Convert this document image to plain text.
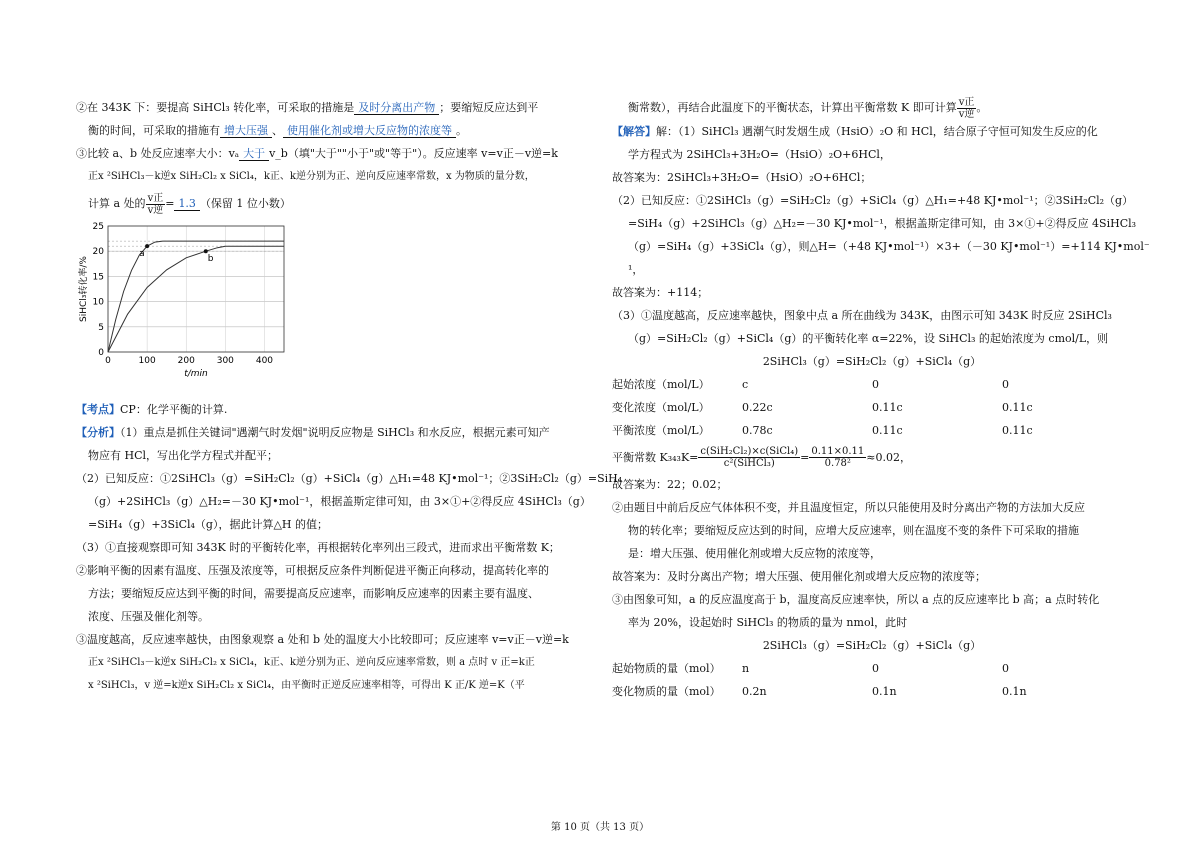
②在 343K 下：要提高 SiHCl₃ 转化率，可采取的措施是 及时分离出产物 ；要缩短反应达到平
衡的时间，可采取的措施有 增大压强 、 使用催化剂或增大反应物的浓度等 。
③比较 a、b 处反应速率大小：vₐ 大于 v_b（填"大于""小于"或"等于"）。反应速率 v=v正－v逆=k
正x ²SiHCl₃－k逆x SiH₂Cl₂ x SiCl₄，k正、k逆分别为正、逆向反应速率常数，x 为物质的量分数，
计算 a 处的 $\frac{\text{v正}}{\text{v逆}} = 1.3$ （保留 1 位小数）
0
5
10
15
20
25
0	100 200 300 400
t/min
SiHCl₃转化率/%
a
b
【考点】CP：化学平衡的计算.
【分析】（1）重点是抓住关键词"遇潮气时发烟"说明反应物是 SiHCl₃ 和水反应，根据元素可知产
物应有 HCl，写出化学方程式并配平；
（2）已知反应：①2SiHCl₃（g）=SiH₂Cl₂（g）+SiCl₄（g）△H₁=48 KJ•mol⁻¹；②3SiH₂Cl₂（g）=SiH₄
（g）+2SiHCl₃（g）△H₂=－30 KJ•mol⁻¹，根据盖斯定律可知，由 3×①+②得反应 4SiHCl₃（g）
=SiH₄（g）+3SiCl₄（g），据此计算△H 的值；
（3）①直接观察即可知 343K 时的平衡转化率，再根据转化率列出三段式，进而求出平衡常数 K；
②影响平衡的因素有温度、压强及浓度等，可根据反应条件判断促进平衡正向移动，提高转化率的
方法；要缩短反应达到平衡的时间，需要提高反应速率，而影响反应速率的因素主要有温度、
浓度、压强及催化剂等。
③温度越高，反应速率越快，由图象观察 a 处和 b 处的温度大小比较即可；反应速率 v=v正－v逆=k
正x ²SiHCl₃－k逆x SiH₂Cl₂ x SiCl₄，k正、k逆分别为正、逆向反应速率常数，则 a 点时 v 正=k正
x ²SiHCl₃，v 逆=k逆x SiH₂Cl₂ x SiCl₄，由平衡时正逆反应速率相等，可得出 K 正/K 逆=K（平
衡常数），再结合此温度下的平衡状态，计算出平衡常数 K 即可计算 $\frac{\text{v正}}{\text{v逆}}$ 。
【解答】解：（1）SiHCl₃ 遇潮气时发烟生成（HsiO）₂O 和 HCl，结合原子守恒可知发生反应的化
学方程式为 2SiHCl₃+3H₂O=（HsiO）₂O+6HCl，
故答案为：2SiHCl₃+3H₂O=（HsiO）₂O+6HCl；
（2）已知反应：①2SiHCl₃（g）=SiH₂Cl₂（g）+SiCl₄（g）△H₁=+48 KJ•mol⁻¹；②3SiH₂Cl₂（g）
=SiH₄（g）+2SiHCl₃（g）△H₂=－30 KJ•mol⁻¹，根据盖斯定律可知，由 3×①+②得反应 4SiHCl₃
（g）=SiH₄（g）+3SiCl₄（g），则△H=（+48 KJ•mol⁻¹）×3+（－30 KJ•mol⁻¹）=+114 KJ•mol⁻
¹，
故答案为：+114；
（3）①温度越高，反应速率越快，图象中点 a 所在曲线为 343K，由图示可知 343K 时反应 2SiHCl₃
（g）=SiH₂Cl₂（g）+SiCl₄（g）的平衡转化率 α=22%，设 SiHCl₃ 的起始浓度为 cmol/L，则
2SiHCl₃（g）=SiH₂Cl₂（g）+SiCl₄（g）
起始浓度（mol/L）	c	0	0
变化浓度（mol/L）	0.22c	0.11c	0.11c
平衡浓度（mol/L）	0.78c	0.11c	0.11c
平衡常数 $K_{343}K= \frac{\text{c(SiH₂Cl₂)×c(SiCl₄)}}{\text{c²(SiHCl₃)}} = \frac{0.11\times 0.11}{\text{0.78²}} \approx 0.02$，
故答案为：22；0.02；
②由题目中前后反应气体体积不变，并且温度恒定，所以只能使用及时分离出产物的方法加大反应
物的转化率；要缩短反应达到的时间，应增大反应速率，则在温度不变的条件下可采取的措施
是：增大压强、使用催化剂或增大反应物的浓度等，
故答案为：及时分离出产物；增大压强、使用催化剂或增大反应物的浓度等；
③由图象可知，a 的反应温度高于 b，温度高反应速率快，所以 a 点的反应速率比 b 高；a 点时转化
率为 20%，设起始时 SiHCl₃ 的物质的量为 nmol，此时
2SiHCl₃（g）=SiH₂Cl₂（g）+SiCl₄（g）
起始物质的量（mol）	n	0	0
变化物质的量（mol）	0.2n	0.1n	0.1n
第 10 页（共 13 页）
